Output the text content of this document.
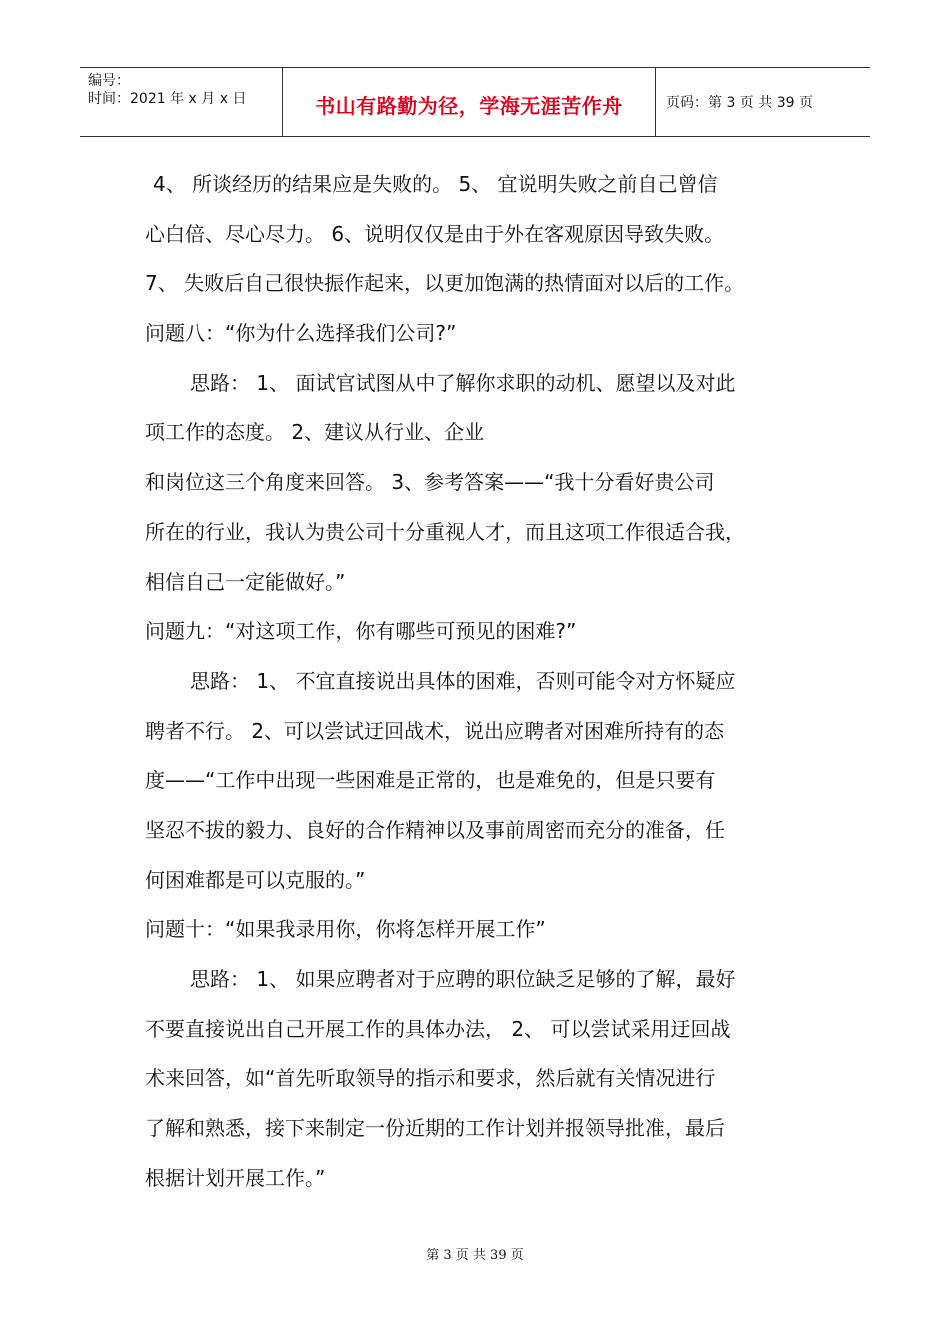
编号：
时间：2021 年 x 月 x 日	书山有路勤为径，学海无涯苦作舟	页码：第 3 页 共 39 页
4、 所谈经历的结果应是失败的。 5、 宜说明失败之前自己曾信
心白倍、尽心尽力。 6、说明仅仅是由于外在客观原因导致失败。
7、 失败后自己很快振作起来，以更加饱满的热情面对以后的工作。
问题八：“你为什么选择我们公司?”
思路： 1、 面试官试图从中了解你求职的动机、愿望以及对此
项工作的态度。 2、建议从行业、企业
和岗位这三个角度来回答。 3、参考答案——“我十分看好贵公司
所在的行业，我认为贵公司十分重视人才，而且这项工作很适合我，
相信自己一定能做好。”
问题九：“对这项工作，你有哪些可预见的困难?”
思路： 1、 不宜直接说出具体的困难，否则可能令对方怀疑应
聘者不行。 2、可以尝试迂回战术，说出应聘者对困难所持有的态
度——“工作中出现一些困难是正常的，也是难免的，但是只要有
坚忍不拔的毅力、良好的合作精神以及事前周密而充分的准备，任
何困难都是可以克服的。”
问题十：“如果我录用你，你将怎样开展工作”
思路： 1、 如果应聘者对于应聘的职位缺乏足够的了解，最好
不要直接说出自己开展工作的具体办法， 2、 可以尝试采用迂回战
术来回答，如“首先听取领导的指示和要求，然后就有关情况进行
了解和熟悉，接下来制定一份近期的工作计划并报领导批准，最后
根据计划开展工作。”
第 3 页 共 39 页
